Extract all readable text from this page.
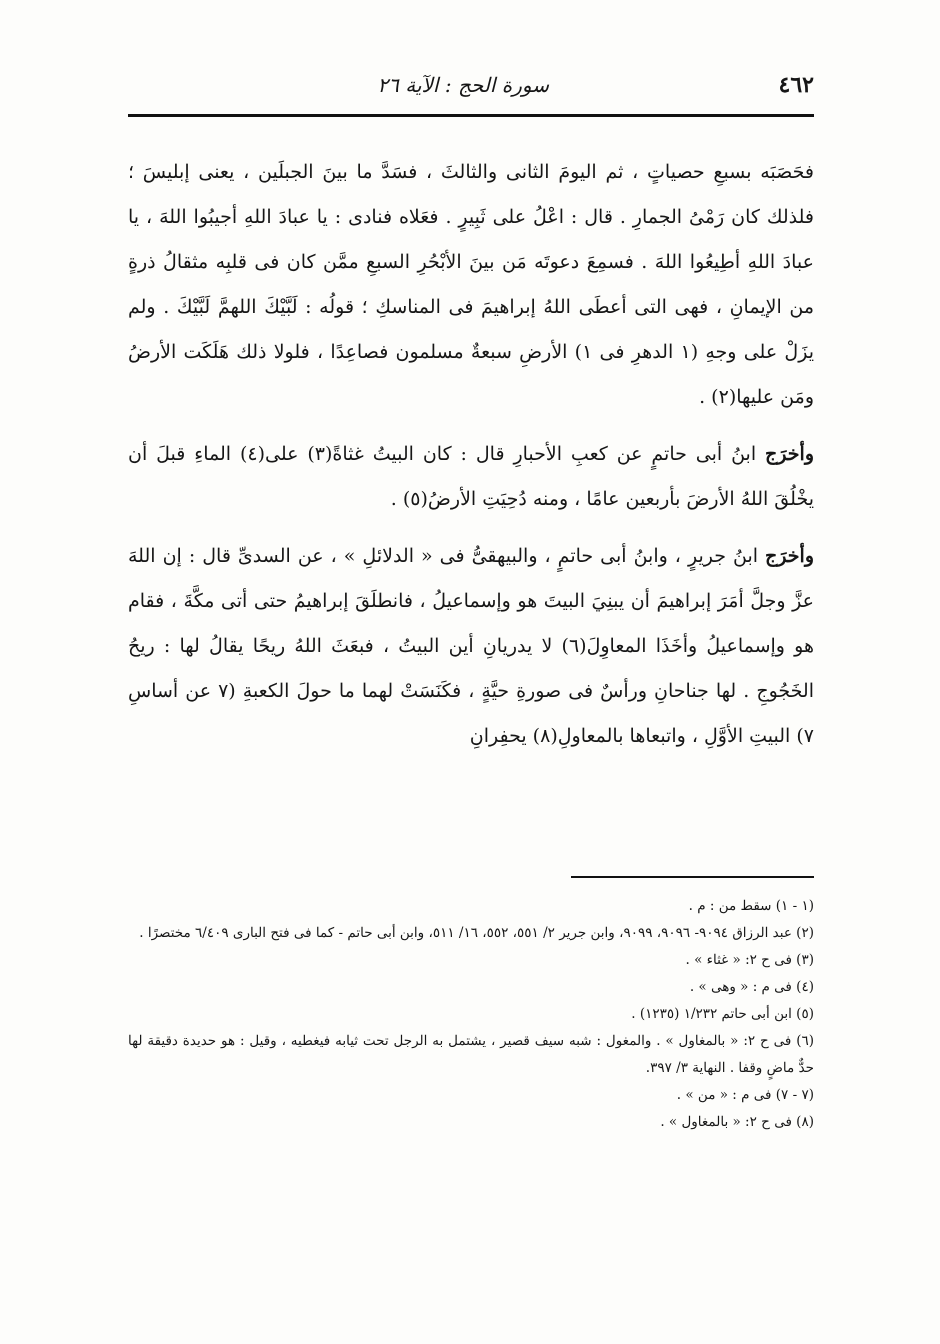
٤٦٢
سورة الحج : الآية ٢٦

فحَصَبَه بسبعِ حصياتٍ ، ثم اليومَ الثانى والثالثَ ، فسَدَّ ما بينَ الجبلَين ، يعنى إبليسَ ؛ فلذلك كان رَمْىُ الجمارِ . قال : اعْلُ على ثَبِيرٍ . فعَلاه فنادى : يا عبادَ اللهِ أجيبُوا اللهَ ، يا عبادَ اللهِ أطِيعُوا اللهَ . فسمِعَ دعوتَه مَن بينَ الأبْحُرِ السبعِ ممَّن كان فى قلبِه مثقالُ ذرةٍ من الإيمانِ ، فهى التى أعطَى اللهُ إبراهيمَ فى المناسكِ ؛ قولُه : لَبَّيْكَ اللهمَّ لَبَّيْكَ . ولم يزَلْ على وجهِ (١ الدهرِ فى ١) الأرضِ سبعةٌ مسلمون فصاعِدًا ، فلولا ذلك هَلَكَت الأرضُ ومَن عليها(٢) .

وأخرَج ابنُ أبى حاتمٍ عن كعبِ الأحبارِ قال : كان البيتُ غثاةً(٣) على(٤) الماءِ قبلَ أن يخْلُقَ اللهُ الأرضَ بأربعين عامًا ، ومنه دُحِيَتِ الأرضُ(٥) .

وأخرَج ابنُ جريرٍ ، وابنُ أبى حاتمٍ ، والبيهقىُّ فى « الدلائلِ » ، عن السدىِّ قال : إن اللهَ عزَّ وجلَّ أمَرَ إبراهيمَ أن يبنِيَ البيتَ هو وإسماعيلُ ، فانطلَقَ إبراهيمُ حتى أتى مكَّةَ ، فقام هو وإسماعيلُ وأخَذَا المعاوِلَ(٦) لا يدريانِ أين البيتُ ، فبعَثَ اللهُ ريحًا يقالُ لها : ريحُ الخَجُوجِ . لها جناحانِ ورأسٌ فى صورةِ حيَّةٍ ، فكَنَسَتْ لهما ما حولَ الكعبةِ (٧ عن أساسِ ٧) البيتِ الأوَّلِ ، واتبعاها بالمعاولِ(٨) يحفِرانِ

(١ - ١) سقط من : م .

(٢) عبد الرزاق ٩٠٩٤- ٩٠٩٦، ٩٠٩٩، وابن جرير ٢/ ٥٥١، ٥٥٢، ١٦/ ٥١١، وابن أبى حاتم - كما فى فتح البارى ٦/٤٠٩ مختصرًا .

(٣) فى ح ٢: « غثاء » .

(٤) فى م : « وهى » .

(٥) ابن أبى حاتم ١/٢٣٢ (١٢٣٥) .

(٦) فى ح ٢: « بالمغاول » . والمغول : شبه سيف قصير ، يشتمل به الرجل تحت ثيابه فيغطيه ، وقيل : هو حديدة دقيقة لها حدٌّ ماضٍ وقفا . النهاية ٣/ ٣٩٧.

(٧ - ٧) فى م : « من » .

(٨) فى ح ٢: « بالمغاول » .
